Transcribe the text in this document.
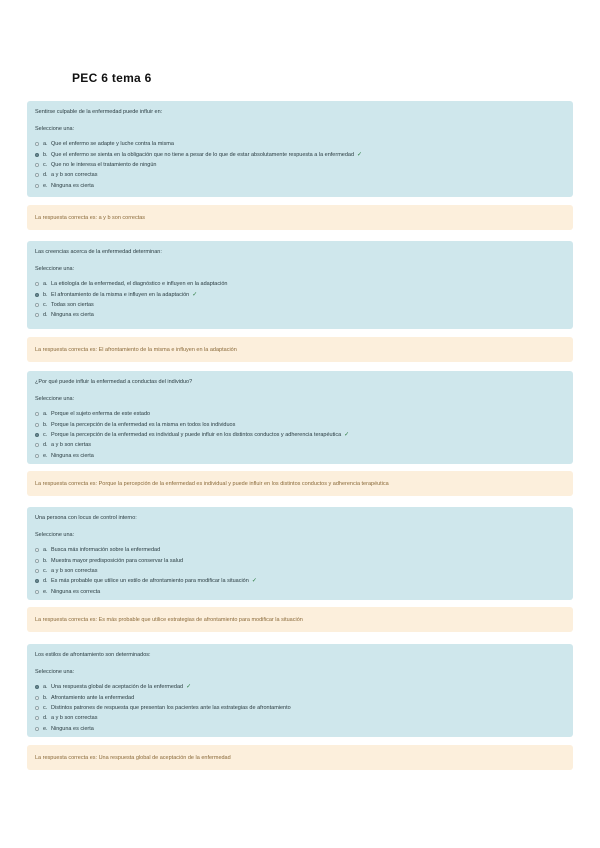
PEC 6 tema 6
Sentirse culpable de la enfermedad puede influir en:
Seleccione una:
a. Que el enfermo se adapte y luche contra la misma
b. Que el enfermo se sienta en la obligación que no tiene a pesar de lo que de estar absolutamente respuesta a la enfermedad ✓
c. Que no le interesa el tratamiento de ningún
d. a y b son correctas
e. Ninguna es cierta
La respuesta correcta es: a y b son correctas
Las creencias acerca de la enfermedad determinan:
Seleccione una:
a. La etiología de la enfermedad, el diagnóstico e influyen en la adaptación
b. El afrontamiento de la misma e influyen en la adaptación ✓
c. Todas son ciertas
d. Ninguna es cierta
La respuesta correcta es: El afrontamiento de la misma e influyen en la adaptación
¿Por qué puede influir la enfermedad a conductas del individuo?
Seleccione una:
a. Porque el sujeto enferma de este estado
b. Porque la percepción de la enfermedad es la misma en todos los individuos
c. Porque la percepción de la enfermedad es individual y puede influir en los distintos conductos y adherencia terapéutica ✓
d. a y b son ciertas
e. Ninguna es cierta
La respuesta correcta es: Porque la percepción de la enfermedad es individual y puede influir en los distintos conductos y adherencia terapéutica
Una persona con locus de control interno:
Seleccione una:
a. Busca más información sobre la enfermedad
b. Muestra mayor predisposición para conservar la salud
c. a y b son correctas
d. Es más probable que utilice un estilo de afrontamiento para modificar la situación ✓
e. Ninguna es correcta
La respuesta correcta es: Es más probable que utilice estrategias de afrontamiento para modificar la situación
Los estilos de afrontamiento son determinados:
Seleccione una:
a. Una respuesta global de aceptación de la enfermedad ✓
b. Afrontamiento ante la enfermedad
c. Distintos patrones de respuesta que presentan los pacientes ante las estrategias de afrontamiento
d. a y b son correctas
e. Ninguna es cierta
La respuesta correcta es: Una respuesta global de aceptación de la enfermedad
